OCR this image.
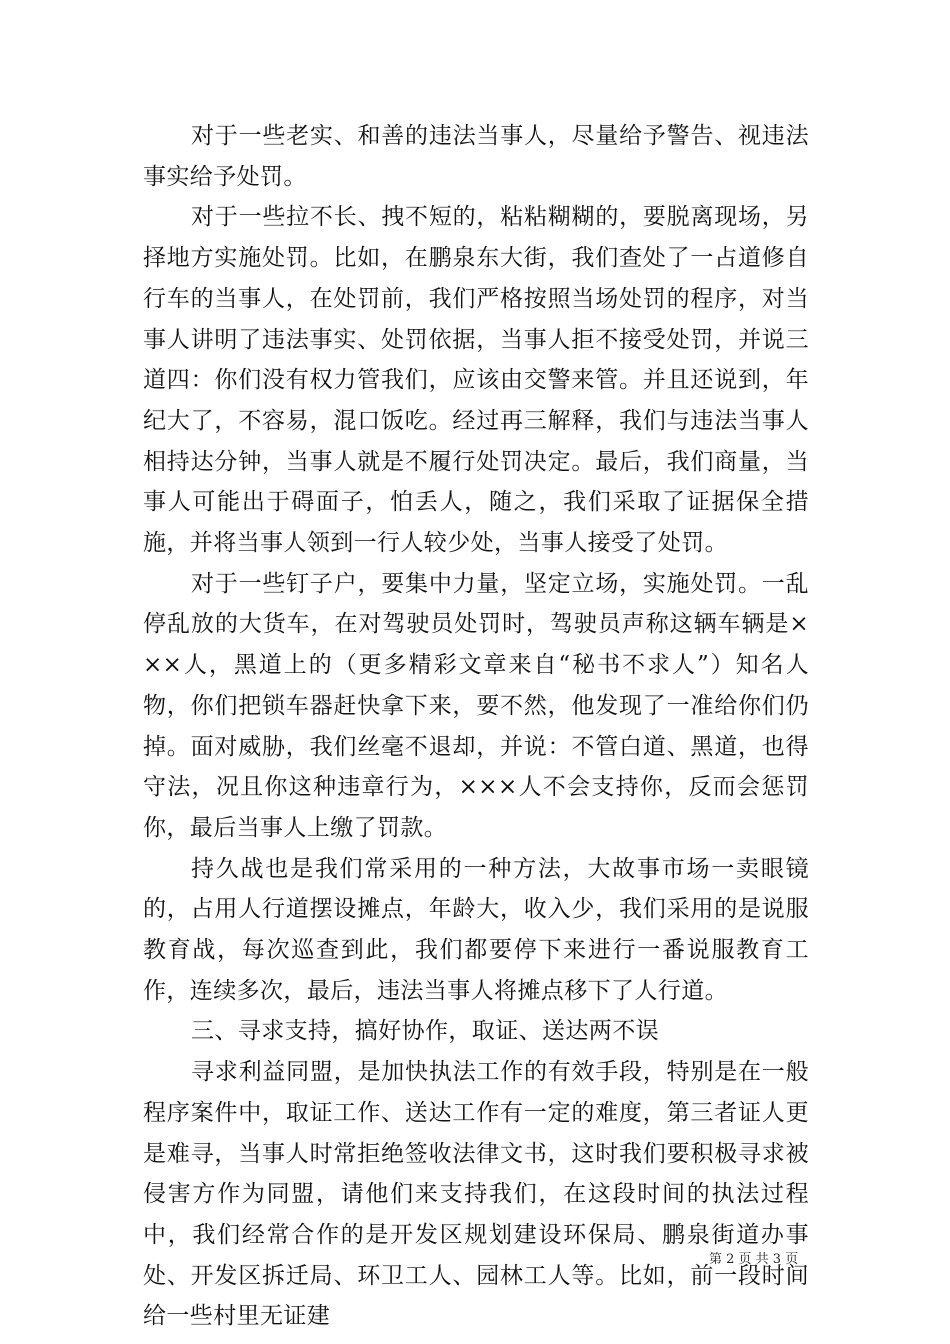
对于一些老实、和善的违法当事人，尽量给予警告、视违法事实给予处罚。

对于一些拉不长、拽不短的，粘粘糊糊的，要脱离现场，另择地方实施处罚。比如，在鹏泉东大街，我们查处了一占道修自行车的当事人，在处罚前，我们严格按照当场处罚的程序，对当事人讲明了违法事实、处罚依据，当事人拒不接受处罚，并说三道四：你们没有权力管我们，应该由交警来管。并且还说到，年纪大了，不容易，混口饭吃。经过再三解释，我们与违法当事人相持达分钟，当事人就是不履行处罚决定。最后，我们商量，当事人可能出于碍面子，怕丢人，随之，我们采取了证据保全措施，并将当事人领到一行人较少处，当事人接受了处罚。

对于一些钉子户，要集中力量，坚定立场，实施处罚。一乱停乱放的大货车，在对驾驶员处罚时，驾驶员声称这辆车辆是×××人，黑道上的（更多精彩文章来自“秘书不求人”）知名人物，你们把锁车器赶快拿下来，要不然，他发现了一准给你们仍掉。面对威胁，我们丝毫不退却，并说：不管白道、黑道，也得守法，况且你这种违章行为，×××人不会支持你，反而会惩罚你，最后当事人上缴了罚款。

持久战也是我们常采用的一种方法，大故事市场一卖眼镜的，占用人行道摆设摊点，年龄大，收入少，我们采用的是说服教育战，每次巡查到此，我们都要停下来进行一番说服教育工作，连续多次，最后，违法当事人将摊点移下了人行道。

三、寻求支持，搞好协作，取证、送达两不误

寻求利益同盟，是加快执法工作的有效手段，特别是在一般程序案件中，取证工作、送达工作有一定的难度，第三者证人更是难寻，当事人时常拒绝签收法律文书，这时我们要积极寻求被侵害方作为同盟，请他们来支持我们，在这段时间的执法过程中，我们经常合作的是开发区规划建设环保局、鹏泉街道办事处、开发区拆迁局、环卫工人、园林工人等。比如，前一段时间给一些村里无证建

第 2 页 共 3 页
